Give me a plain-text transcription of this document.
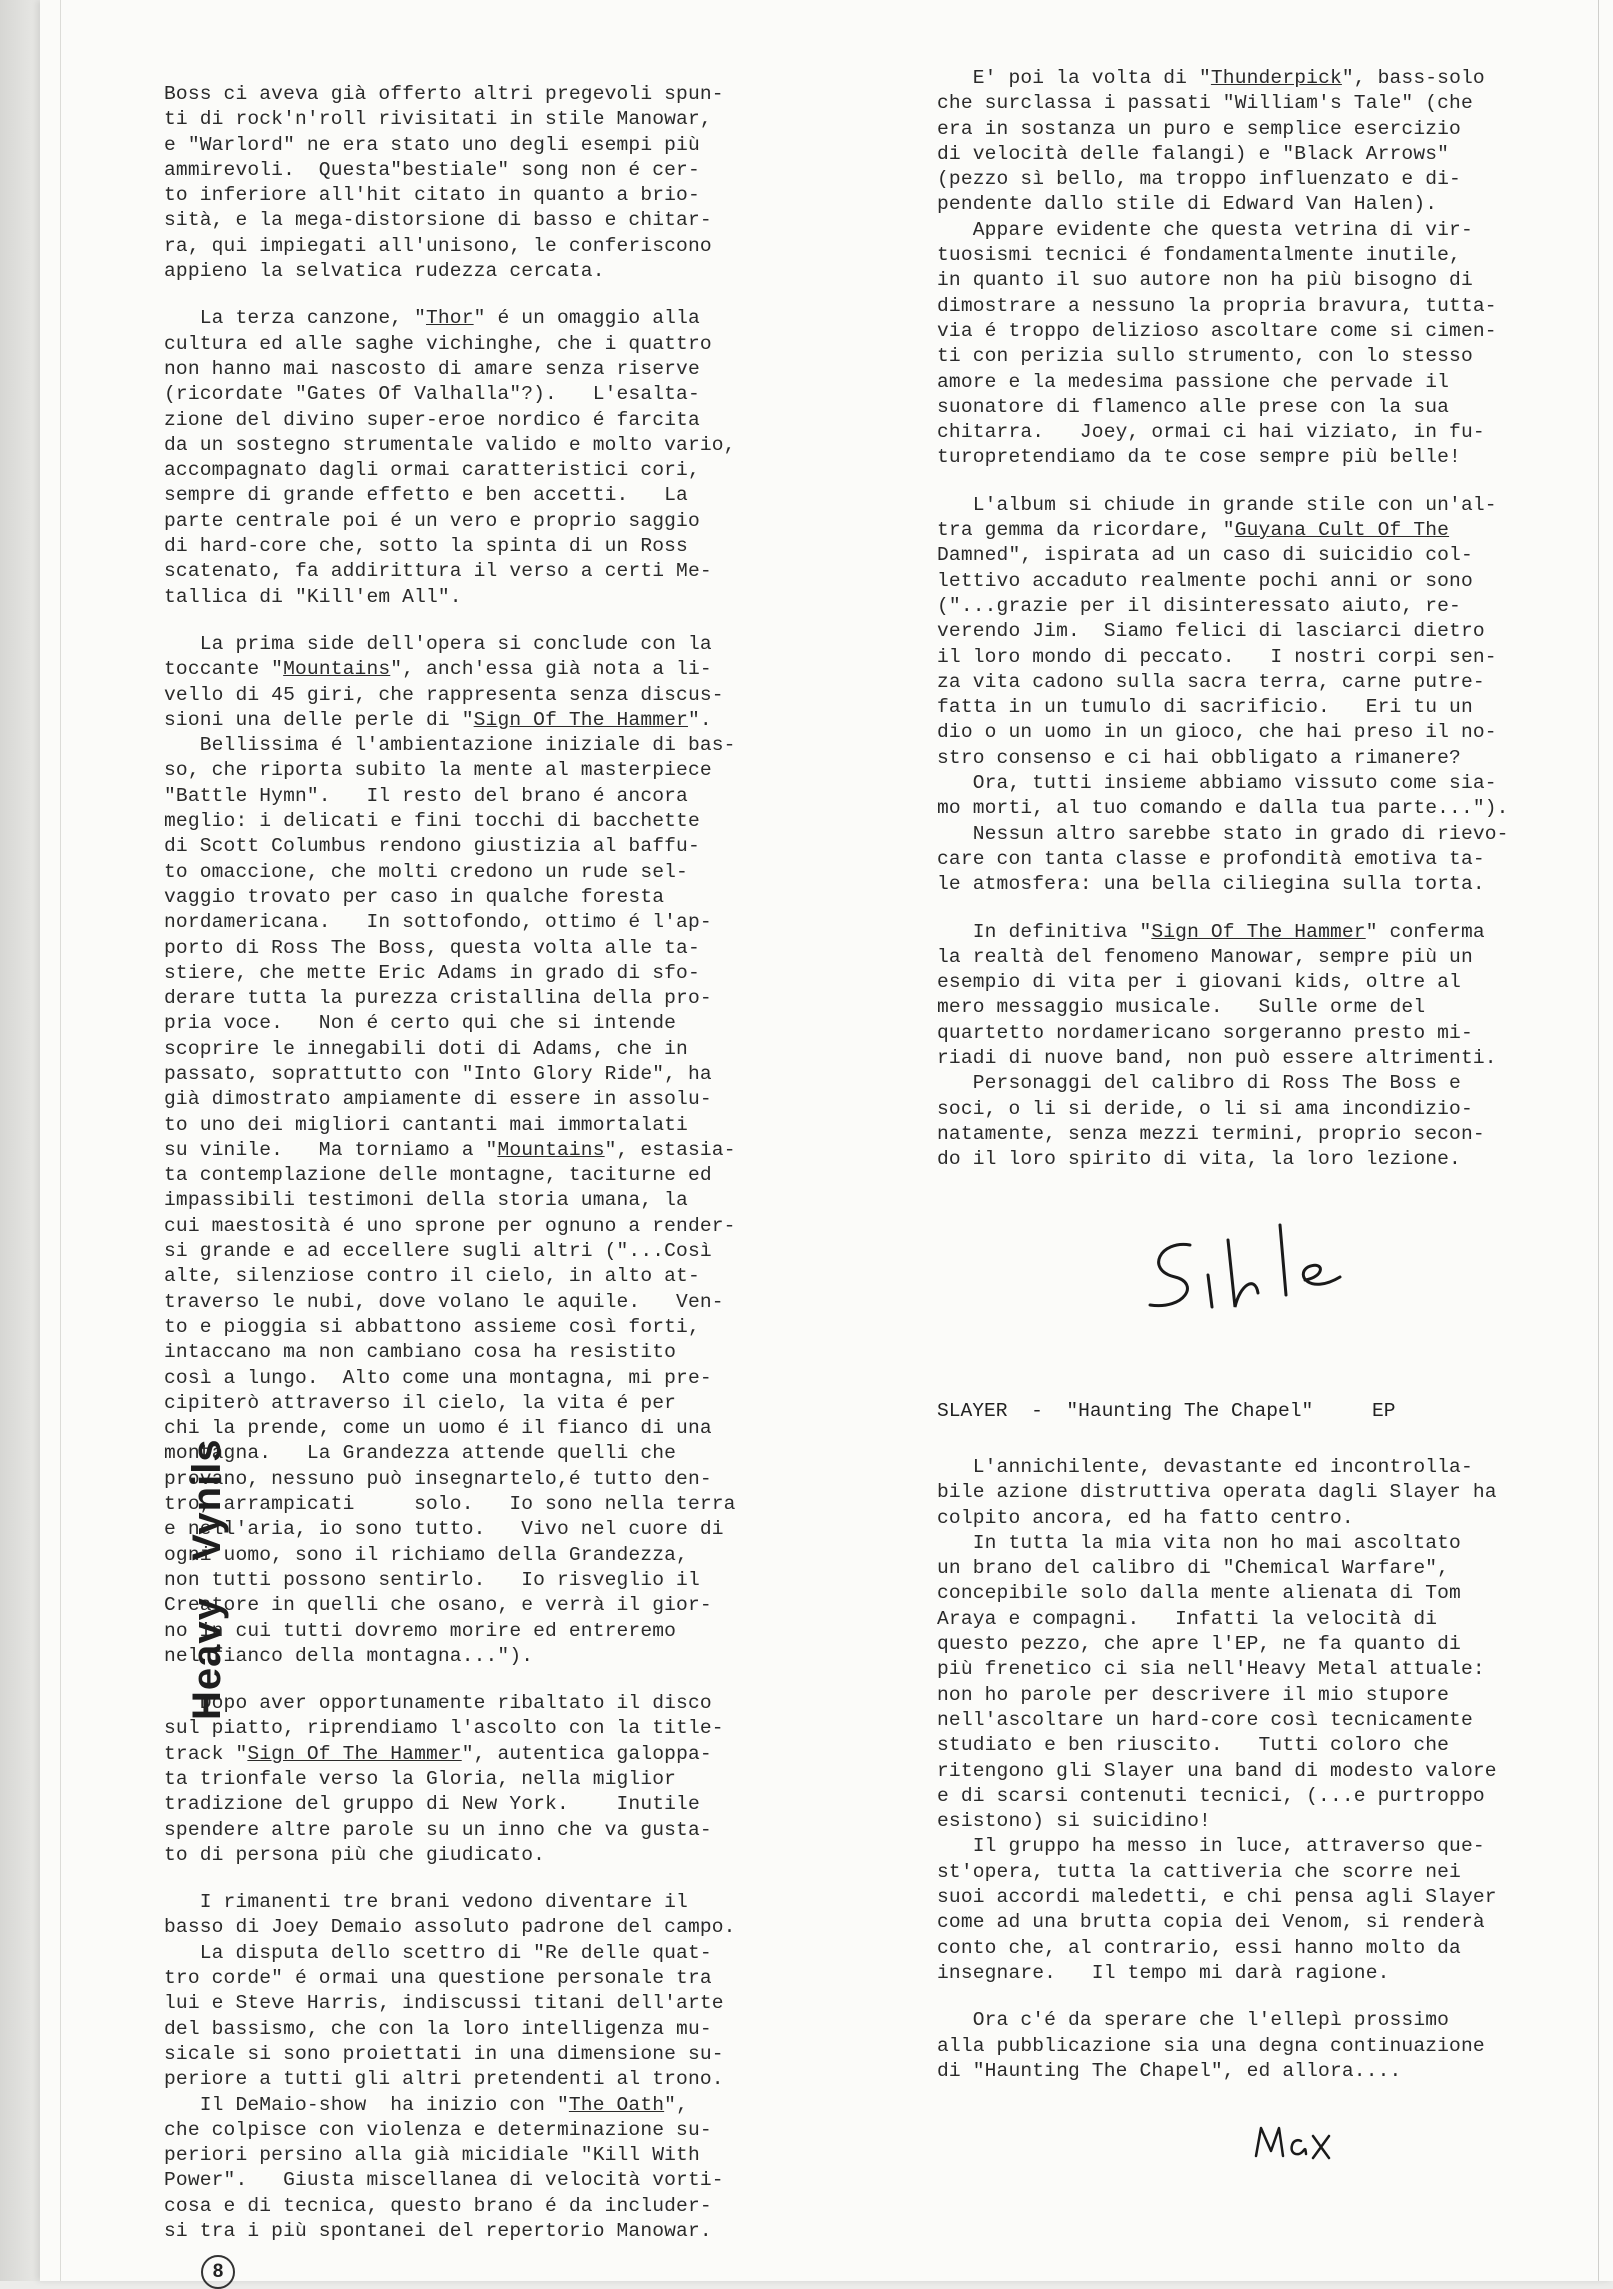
Boss ci aveva già offerto altri pregevoli spun-
ti di rock'n'roll rivisitati in stile Manowar,
e "Warlord" ne era stato uno degli esempi più
ammirevoli.  Questa"bestiale" song non é cer-
to inferiore all'hit citato in quanto a brio-
sità, e la mega-distorsione di basso e chitar-
ra, qui impiegati all'unisono, le conferiscono
appieno la selvatica rudezza cercata.

La terza canzone, "Thor" é un omaggio alla
cultura ed alle saghe vichinghe, che i quattro
non hanno mai nascosto di amare senza riserve
(ricordate "Gates Of Valhalla"?).   L'esalta-
zione del divino super-eroe nordico é farcita
da un sostegno strumentale valido e molto vario,
accompagnato dagli ormai caratteristici cori,
sempre di grande effetto e ben accetti.   La
parte centrale poi é un vero e proprio saggio
di hard-core che, sotto la spinta di un Ross
scatenato, fa addirittura il verso a certi Me-
tallica di "Kill'em All".

La prima side dell'opera si conclude con la
toccante "Mountains", anch'essa già nota a li-
vello di 45 giri, che rappresenta senza discus-
sioni una delle perle di "Sign Of The Hammer".
Bellissima é l'ambientazione iniziale di bas-
so, che riporta subito la mente al masterpiece
"Battle Hymn".   Il resto del brano é ancora
meglio: i delicati e fini tocchi di bacchette
di Scott Columbus rendono giustizia al baffu-
to omaccione, che molti credono un rude sel-
vaggio trovato per caso in qualche foresta
nordamericana.   In sottofondo, ottimo é l'ap-
porto di Ross The Boss, questa volta alle ta-
stiere, che mette Eric Adams in grado di sfo-
derare tutta la purezza cristallina della pro-
pria voce.   Non é certo qui che si intende
scoprire le innegabili doti di Adams, che in
passato, soprattutto con "Into Glory Ride", ha
già dimostrato ampiamente di essere in assolu-
to uno dei migliori cantanti mai immortalati
su vinile.   Ma torniamo a "Mountains", estasia-
ta contemplazione delle montagne, taciturne ed
impassibili testimoni della storia umana, la
cui maestosità é uno sprone per ognuno a render-
si grande e ad eccellere sugli altri ("...Così
alte, silenziose contro il cielo, in alto at-
traverso le nubi, dove volano le aquile.   Ven-
to e pioggia si abbattono assieme così forti,
intaccano ma non cambiano cosa ha resistito
così a lungo.  Alto come una montagna, mi pre-
cipiterò attraverso il cielo, la vita é per
chi la prende, come un uomo é il fianco di una
montagna.   La Grandezza attende quelli che
provano, nessuno può insegnartelo,é tutto den-
tro, arrampicati     solo.   Io sono nella terra
e nell'aria, io sono tutto.   Vivo nel cuore di
ogni uomo, sono il richiamo della Grandezza,
non tutti possono sentirlo.   Io risveglio il
Creatore in quelli che osano, e verrà il gior-
no in cui tutti dovremo morire ed entreremo
nel fianco della montagna...").

Dopo aver opportunamente ribaltato il disco
sul piatto, riprendiamo l'ascolto con la title-
track "Sign Of The Hammer", autentica galoppa-
ta trionfale verso la Gloria, nella miglior
tradizione del gruppo di New York.    Inutile
spendere altre parole su un inno che va gusta-
to di persona più che giudicato.

I rimanenti tre brani vedono diventare il
basso di Joey Demaio assoluto padrone del campo.
La disputa dello scettro di "Re delle quat-
tro corde" é ormai una questione personale tra
lui e Steve Harris, indiscussi titani dell'arte
del bassismo, che con la loro intelligenza mu-
sicale si sono proiettati in una dimensione su-
periore a tutti gli altri pretendenti al trono.
Il DeMaio-show  ha inizio con "The Oath",
che colpisce con violenza e determinazione su-
periori persino alla già micidiale "Kill With
Power".   Giusta miscellanea di velocità vorti-
cosa e di tecnica, questo brano é da includer-
si tra i più spontanei del repertorio Manowar.

E' poi la volta di "Thunderpick", bass-solo
che surclassa i passati "William's Tale" (che
era in sostanza un puro e semplice esercizio
di velocità delle falangi) e "Black Arrows"
(pezzo sì bello, ma troppo influenzato e di-
pendente dallo stile di Edward Van Halen).
Appare evidente che questa vetrina di vir-
tuosismi tecnici é fondamentalmente inutile,
in quanto il suo autore non ha più bisogno di
dimostrare a nessuno la propria bravura, tutta-
via é troppo delizioso ascoltare come si cimen-
ti con perizia sullo strumento, con lo stesso
amore e la medesima passione che pervade il
suonatore di flamenco alle prese con la sua
chitarra.   Joey, ormai ci hai viziato, in fu-
turopretendiamo da te cose sempre più belle!

L'album si chiude in grande stile con un'al-
tra gemma da ricordare, "Guyana Cult Of The
Damned", ispirata ad un caso di suicidio col-
lettivo accaduto realmente pochi anni or sono
("...grazie per il disinteressato aiuto, re-
verendo Jim.  Siamo felici di lasciarci dietro
il loro mondo di peccato.   I nostri corpi sen-
za vita cadono sulla sacra terra, carne putre-
fatta in un tumulo di sacrificio.   Eri tu un
dio o un uomo in un gioco, che hai preso il no-
stro consenso e ci hai obbligato a rimanere?
Ora, tutti insieme abbiamo vissuto come sia-
mo morti, al tuo comando e dalla tua parte...").
Nessun altro sarebbe stato in grado di rievo-
care con tanta classe e profondità emotiva ta-
le atmosfera: una bella ciliegina sulla torta.

In definitiva "Sign Of The Hammer" conferma
la realtà del fenomeno Manowar, sempre più un
esempio di vita per i giovani kids, oltre al
mero messaggio musicale.   Sulle orme del
quartetto nordamericano sorgeranno presto mi-
riadi di nuove band, non può essere altrimenti.
Personaggi del calibro di Ross The Boss e
soci, o li si deride, o li si ama incondizio-
natamente, senza mezzi termini, proprio secon-
do il loro spirito di vita, la loro lezione.

SLAYER  -  "Haunting The Chapel"     EP

L'annichilente, devastante ed incontrolla-
bile azione distruttiva operata dagli Slayer ha
colpito ancora, ed ha fatto centro.
In tutta la mia vita non ho mai ascoltato
un brano del calibro di "Chemical Warfare",
concepibile solo dalla mente alienata di Tom
Araya e compagni.   Infatti la velocità di
questo pezzo, che apre l'EP, ne fa quanto di
più frenetico ci sia nell'Heavy Metal attuale:
non ho parole per descrivere il mio stupore
nell'ascoltare un hard-core così tecnicamente
studiato e ben riuscito.   Tutti coloro che
ritengono gli Slayer una band di modesto valore
e di scarsi contenuti tecnici, (...e purtroppo
esistono) si suicidino!
Il gruppo ha messo in luce, attraverso que-
st'opera, tutta la cattiveria che scorre nei
suoi accordi maledetti, e chi pensa agli Slayer
come ad una brutta copia dei Venom, si renderà
conto che, al contrario, essi hanno molto da
insegnare.   Il tempo mi darà ragione.

Ora c'é da sperare che l'ellepì prossimo
alla pubblicazione sia una degna continuazione
di "Haunting The Chapel", ed allora....

Heavy   Vynils
8
